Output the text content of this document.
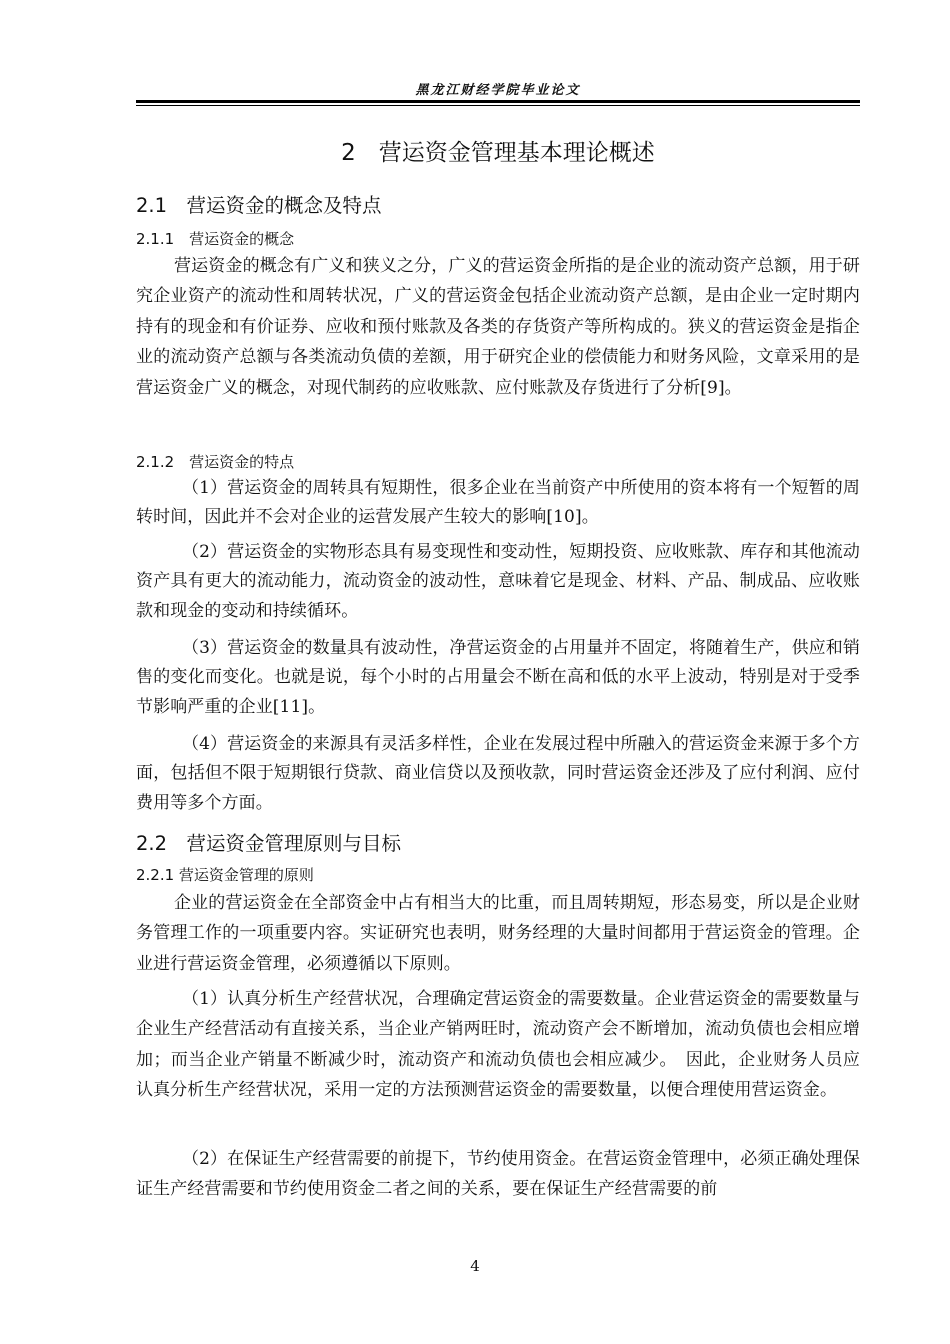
黑龙江财经学院毕业论文
2　营运资金管理基本理论概述
2.1　营运资金的概念及特点
2.1.1　营运资金的概念

营运资金的概念有广义和狭义之分，广义的营运资金所指的是企业的流动资产总额，用于研究企业资产的流动性和周转状况，广义的营运资金包括企业流动资产总额，是由企业一定时期内持有的现金和有价证券、应收和预付账款及各类的存货资产等所构成的。狭义的营运资金是指企业的流动资产总额与各类流动负债的差额，用于研究企业的偿债能力和财务风险，文章采用的是营运资金广义的概念，对现代制药的应收账款、应付账款及存货进行了分析[9]。

2.1.2　营运资金的特点

（1）营运资金的周转具有短期性，很多企业在当前资产中所使用的资本将有一个短暂的周转时间，因此并不会对企业的运营发展产生较大的影响[10]。

（2）营运资金的实物形态具有易变现性和变动性，短期投资、应收账款、库存和其他流动资产具有更大的流动能力，流动资金的波动性，意味着它是现金、材料、产品、制成品、应收账款和现金的变动和持续循环。

（3）营运资金的数量具有波动性，净营运资金的占用量并不固定，将随着生产，供应和销售的变化而变化。也就是说，每个小时的占用量会不断在高和低的水平上波动，特别是对于受季节影响严重的企业[11]。

（4）营运资金的来源具有灵活多样性，企业在发展过程中所融入的营运资金来源于多个方面，包括但不限于短期银行贷款、商业信贷以及预收款，同时营运资金还涉及了应付利润、应付费用等多个方面。

2.2　营运资金管理原则与目标
2.2.1 营运资金管理的原则

企业的营运资金在全部资金中占有相当大的比重，而且周转期短，形态易变，所以是企业财务管理工作的一项重要内容。实证研究也表明，财务经理的大量时间都用于营运资金的管理。企业进行营运资金管理，必须遵循以下原则。

（1）认真分析生产经营状况，合理确定营运资金的需要数量。企业营运资金的需要数量与企业生产经营活动有直接关系，当企业产销两旺时，流动资产会不断增加，流动负债也会相应增加；而当企业产销量不断减少时，流动资产和流动负债也会相应减少。　因此，企业财务人员应认真分析生产经营状况，采用一定的方法预测营运资金的需要数量，以便合理使用营运资金。

（2）在保证生产经营需要的前提下，节约使用资金。在营运资金管理中，必须正确处理保证生产经营需要和节约使用资金二者之间的关系，要在保证生产经营需要的前

4
